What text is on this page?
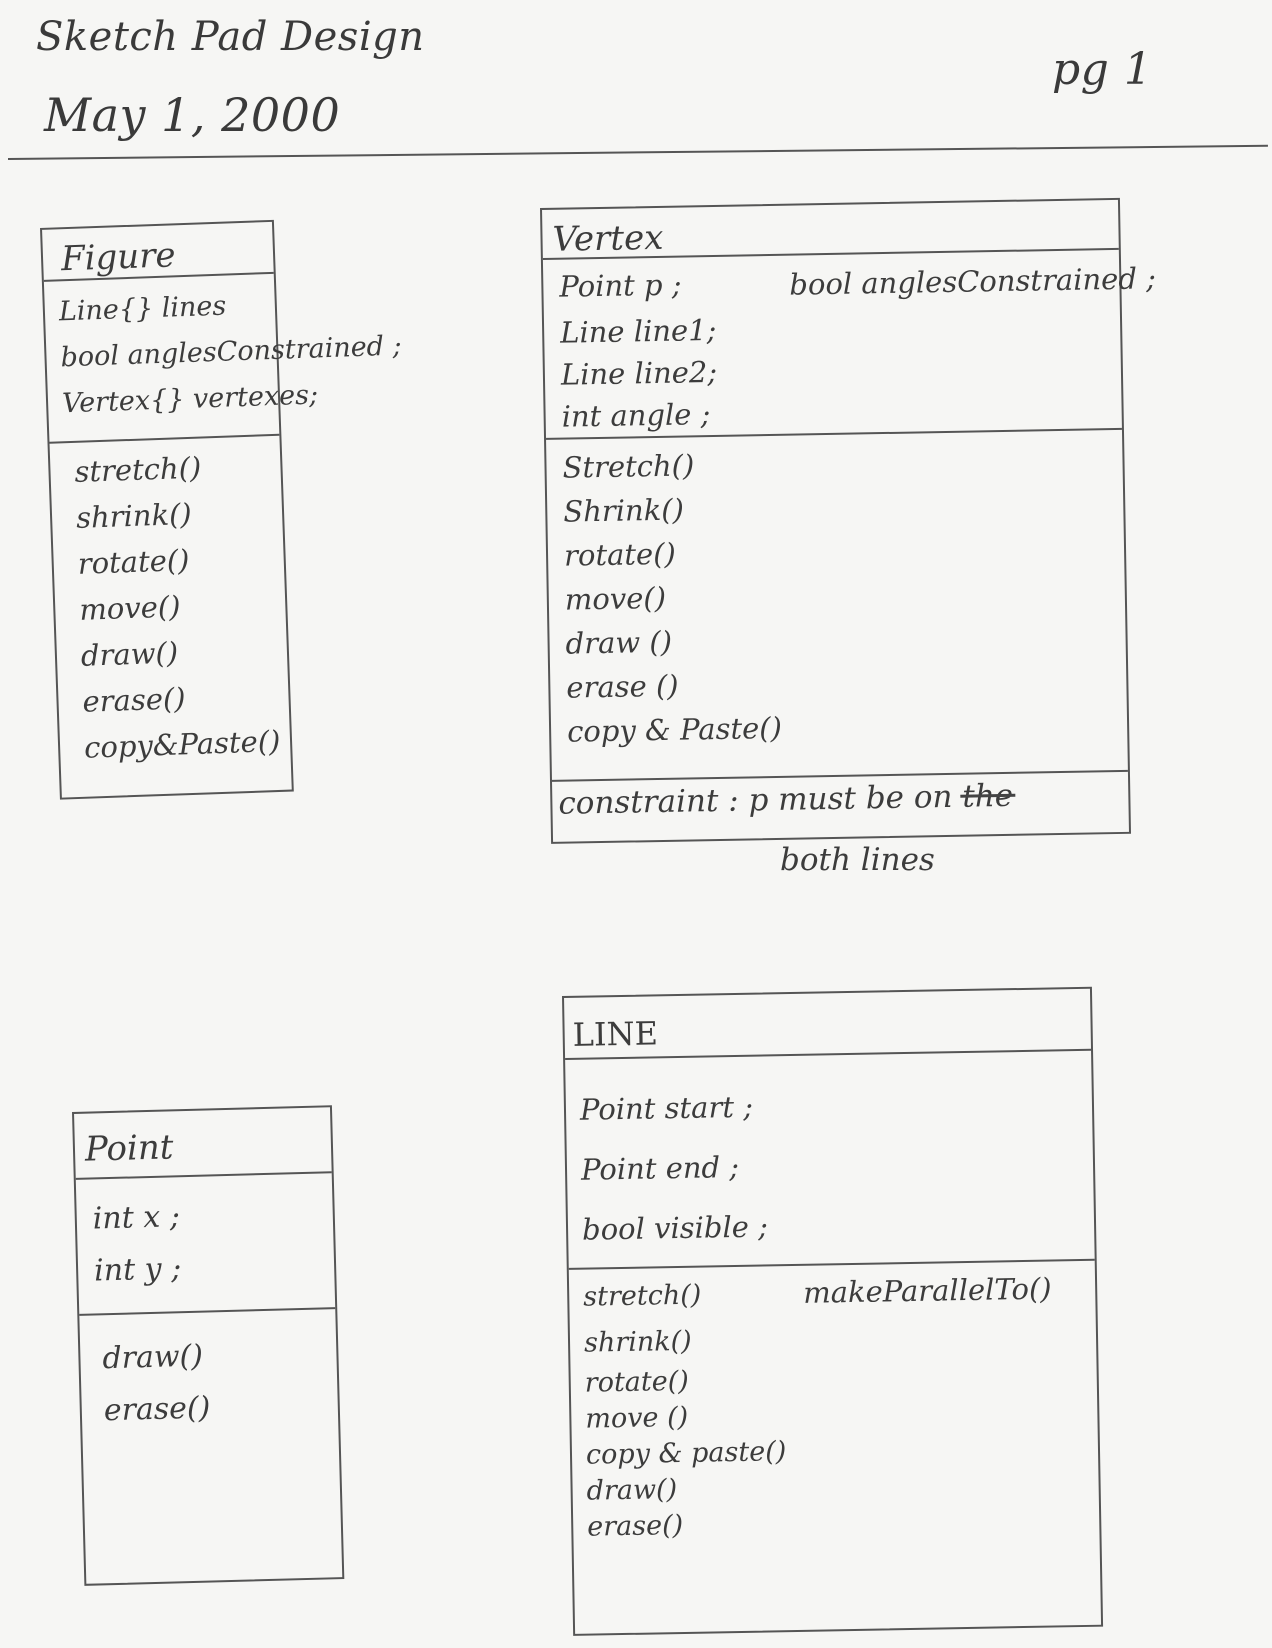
Sketch Pad Design
May 1, 2000
pg 1
Figure
Line{} lines
bool anglesConstrained ;
Vertex{} vertexes;
stretch()
shrink()
rotate()
move()
draw()
erase()
copy&Paste()
Vertex
Point p ;
Line line1;
Line line2;
int angle ;
bool anglesConstrained ;
Stretch()
Shrink()
rotate()
move()
draw ()
erase ()
copy & Paste()
constraint : p must be on the
both lines
Point
int x ;
int y ;
draw()
erase()
LINE
Point start ;
Point end ;
bool visible ;
stretch()
shrink()
rotate()
move ()
copy & paste()
draw()
erase()
makeParallelTo()
